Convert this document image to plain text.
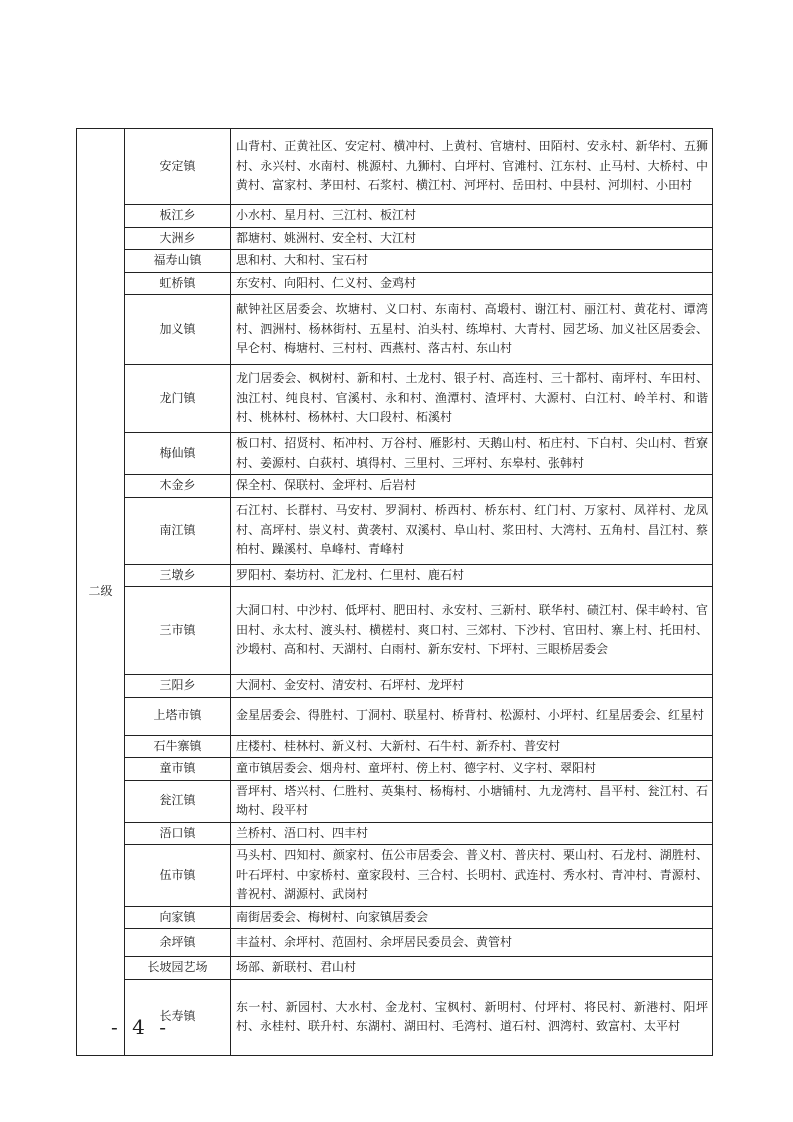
二级	安定镇	山背村、正黄社区、安定村、横冲村、上黄村、官塘村、田陌村、安永村、新华村、五狮村、永兴村、水南村、桃源村、九狮村、白坪村、官滩村、江东村、止马村、大桥村、中黄村、富家村、茅田村、石浆村、横江村、河坪村、岳田村、中县村、河圳村、小田村

	板江乡	小水村、星月村、三江村、板江村

	大洲乡	都塘村、姚洲村、安全村、大江村

	福寿山镇	思和村、大和村、宝石村

	虹桥镇	东安村、向阳村、仁义村、金鸡村

	加义镇	献钟社区居委会、坎塘村、义口村、东南村、高塅村、谢江村、丽江村、黄花村、谭湾村、泗洲村、杨林街村、五星村、泊头村、练埠村、大青村、园艺场、加义社区居委会、早仑村、梅塘村、三村村、西燕村、落古村、东山村

	龙门镇	龙门居委会、枫树村、新和村、土龙村、银子村、高连村、三十都村、南坪村、车田村、浊江村、纯良村、官溪村、永和村、渔潭村、渣坪村、大源村、白江村、岭羊村、和谐村、桃林村、杨林村、大口段村、柘溪村

	梅仙镇	板口村、招贤村、柘冲村、万谷村、雁影村、天鹅山村、柘庄村、下白村、尖山村、哲寮村、姜源村、白荻村、填得村、三里村、三坪村、东皋村、张韩村

	木金乡	保全村、保联村、金坪村、后岩村

	南江镇	石江村、长群村、马安村、罗洞村、桥西村、桥东村、红门村、万家村、凤祥村、龙凤村、高坪村、崇义村、黄袭村、双溪村、阜山村、浆田村、大湾村、五角村、昌江村、蔡柏村、躁溪村、阜峰村、青峰村

	三墩乡	罗阳村、秦坊村、汇龙村、仁里村、鹿石村

	三市镇	大洞口村、中沙村、低坪村、肥田村、永安村、三新村、联华村、碛江村、保丰岭村、官田村、永太村、渡头村、横槎村、爽口村、三郊村、下沙村、官田村、寨上村、托田村、沙塅村、高和村、天湖村、白雨村、新东安村、下坪村、三眼桥居委会

	三阳乡	大洞村、金安村、清安村、石坪村、龙坪村

	上塔市镇	金星居委会、得胜村、丁洞村、联星村、桥背村、松源村、小坪村、红星居委会、红星村

	石牛寨镇	庄楼村、桂林村、新义村、大新村、石牛村、新乔村、普安村

	童市镇	童市镇居委会、烟舟村、童坪村、傍上村、德字村、义字村、翠阳村

	瓮江镇	晋坪村、塔兴村、仁胜村、英集村、杨梅村、小塘铺村、九龙湾村、昌平村、瓮江村、石坳村、段平村

	浯口镇	兰桥村、浯口村、四丰村

	伍市镇	马头村、四知村、颜家村、伍公市居委会、普义村、普庆村、栗山村、石龙村、湖胜村、叶石坪村、中家桥村、童家段村、三合村、长明村、武连村、秀水村、青冲村、青源村、普祝村、湖源村、武岗村

	向家镇	南街居委会、梅树村、向家镇居委会

	余坪镇	丰益村、余坪村、范固村、余坪居民委员会、黄管村

	长坡园艺场	场部、新联村、君山村

	长寿镇	东一村、新园村、大水村、金龙村、宝枫村、新明村、付坪村、将民村、新港村、阳坪村、永桂村、联升村、东湖村、湖田村、毛湾村、道石村、泗湾村、致富村、太平村
- 4 -
